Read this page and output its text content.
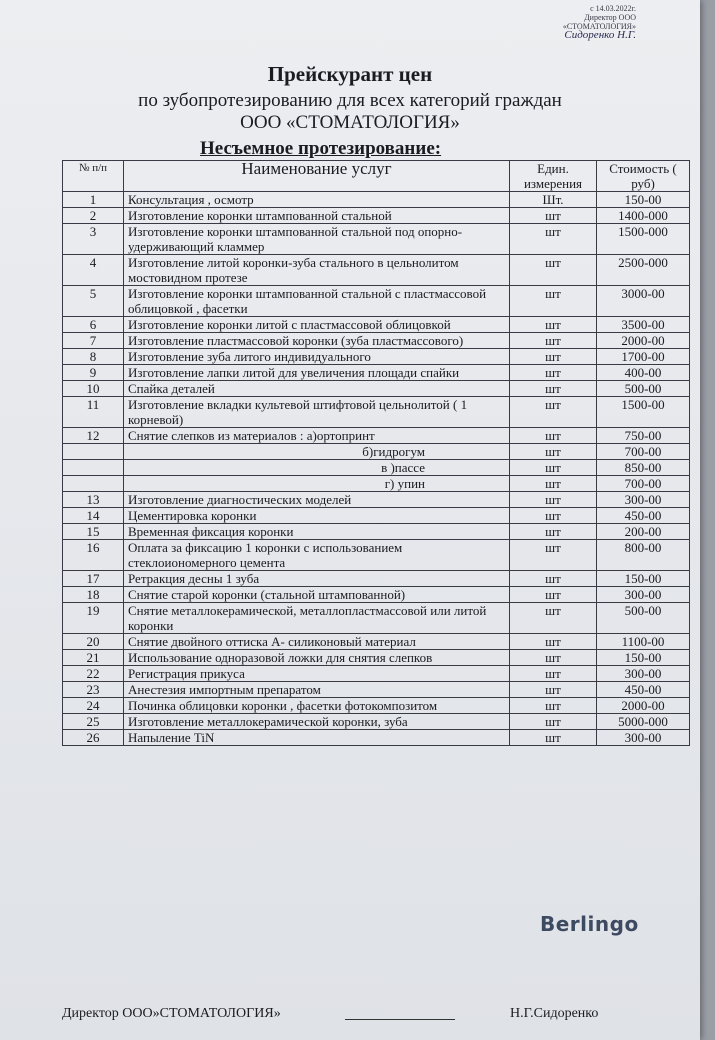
с 14.03.2022г.
Директор ООО
«СТОМАТОЛОГИЯ»
Сидоренко Н.Г.
Прейскурант цен
по зубопротезированию для всех категорий граждан
ООО «СТОМАТОЛОГИЯ»
Несъемное протезирование:
№ п/п	Наименование услуг	Един. измерения	Стоимость ( руб)
1	Консультация , осмотр	Шт.	150-00
2	Изготовление коронки штампованной стальной	шт	1400-000
3	Изготовление коронки штампованной стальной под опорно-удерживающий кламмер	шт	1500-000
4	Изготовление литой коронки-зуба стального в цельнолитом мостовидном протезе	шт	2500-000
5	Изготовление коронки штампованной стальной с пластмассовой облицовкой , фасетки	шт	3000-00
6	Изготовление коронки литой с пластмассовой облицовкой	шт	3500-00
7	Изготовление пластмассовой коронки (зуба пластмассового)	шт	2000-00
8	Изготовление зуба литого индивидуального	шт	1700-00
9	Изготовление лапки литой для увеличения площади спайки	шт	400-00
10	Спайка деталей	шт	500-00
11	Изготовление вкладки культевой штифтовой цельнолитой ( 1 корневой)	шт	1500-00
12	Снятие слепков из материалов : а)ортопринт	шт	750-00
	б)гидрогум	шт	700-00
	в )пассе	шт	850-00
	г) упин	шт	700-00
13	Изготовление диагностических моделей	шт	300-00
14	Цементировка коронки	шт	450-00
15	Временная фиксация коронки	шт	200-00
16	Оплата за фиксацию 1 коронки с использованием стеклоиономерного цемента	шт	800-00
17	Ретракция десны 1 зуба	шт	150-00
18	Снятие старой коронки (стальной штампованной)	шт	300-00
19	Снятие металлокерамической, металлопластмассовой или литой коронки	шт	500-00
20	Снятие двойного оттиска А- силиконовый материал	шт	1100-00
21	Использование одноразовой ложки для снятия слепков	шт	150-00
22	Регистрация прикуса	шт	300-00
23	Анестезия импортным препаратом	шт	450-00
24	Починка облицовки коронки , фасетки фотокомпозитом	шт	2000-00
25	Изготовление металлокерамической коронки, зуба	шт	5000-000
26	Напыление TiN	шт	300-00
Berlingo
Директор ООО»СТОМАТОЛОГИЯ»
	Н.Г.Сидоренко
